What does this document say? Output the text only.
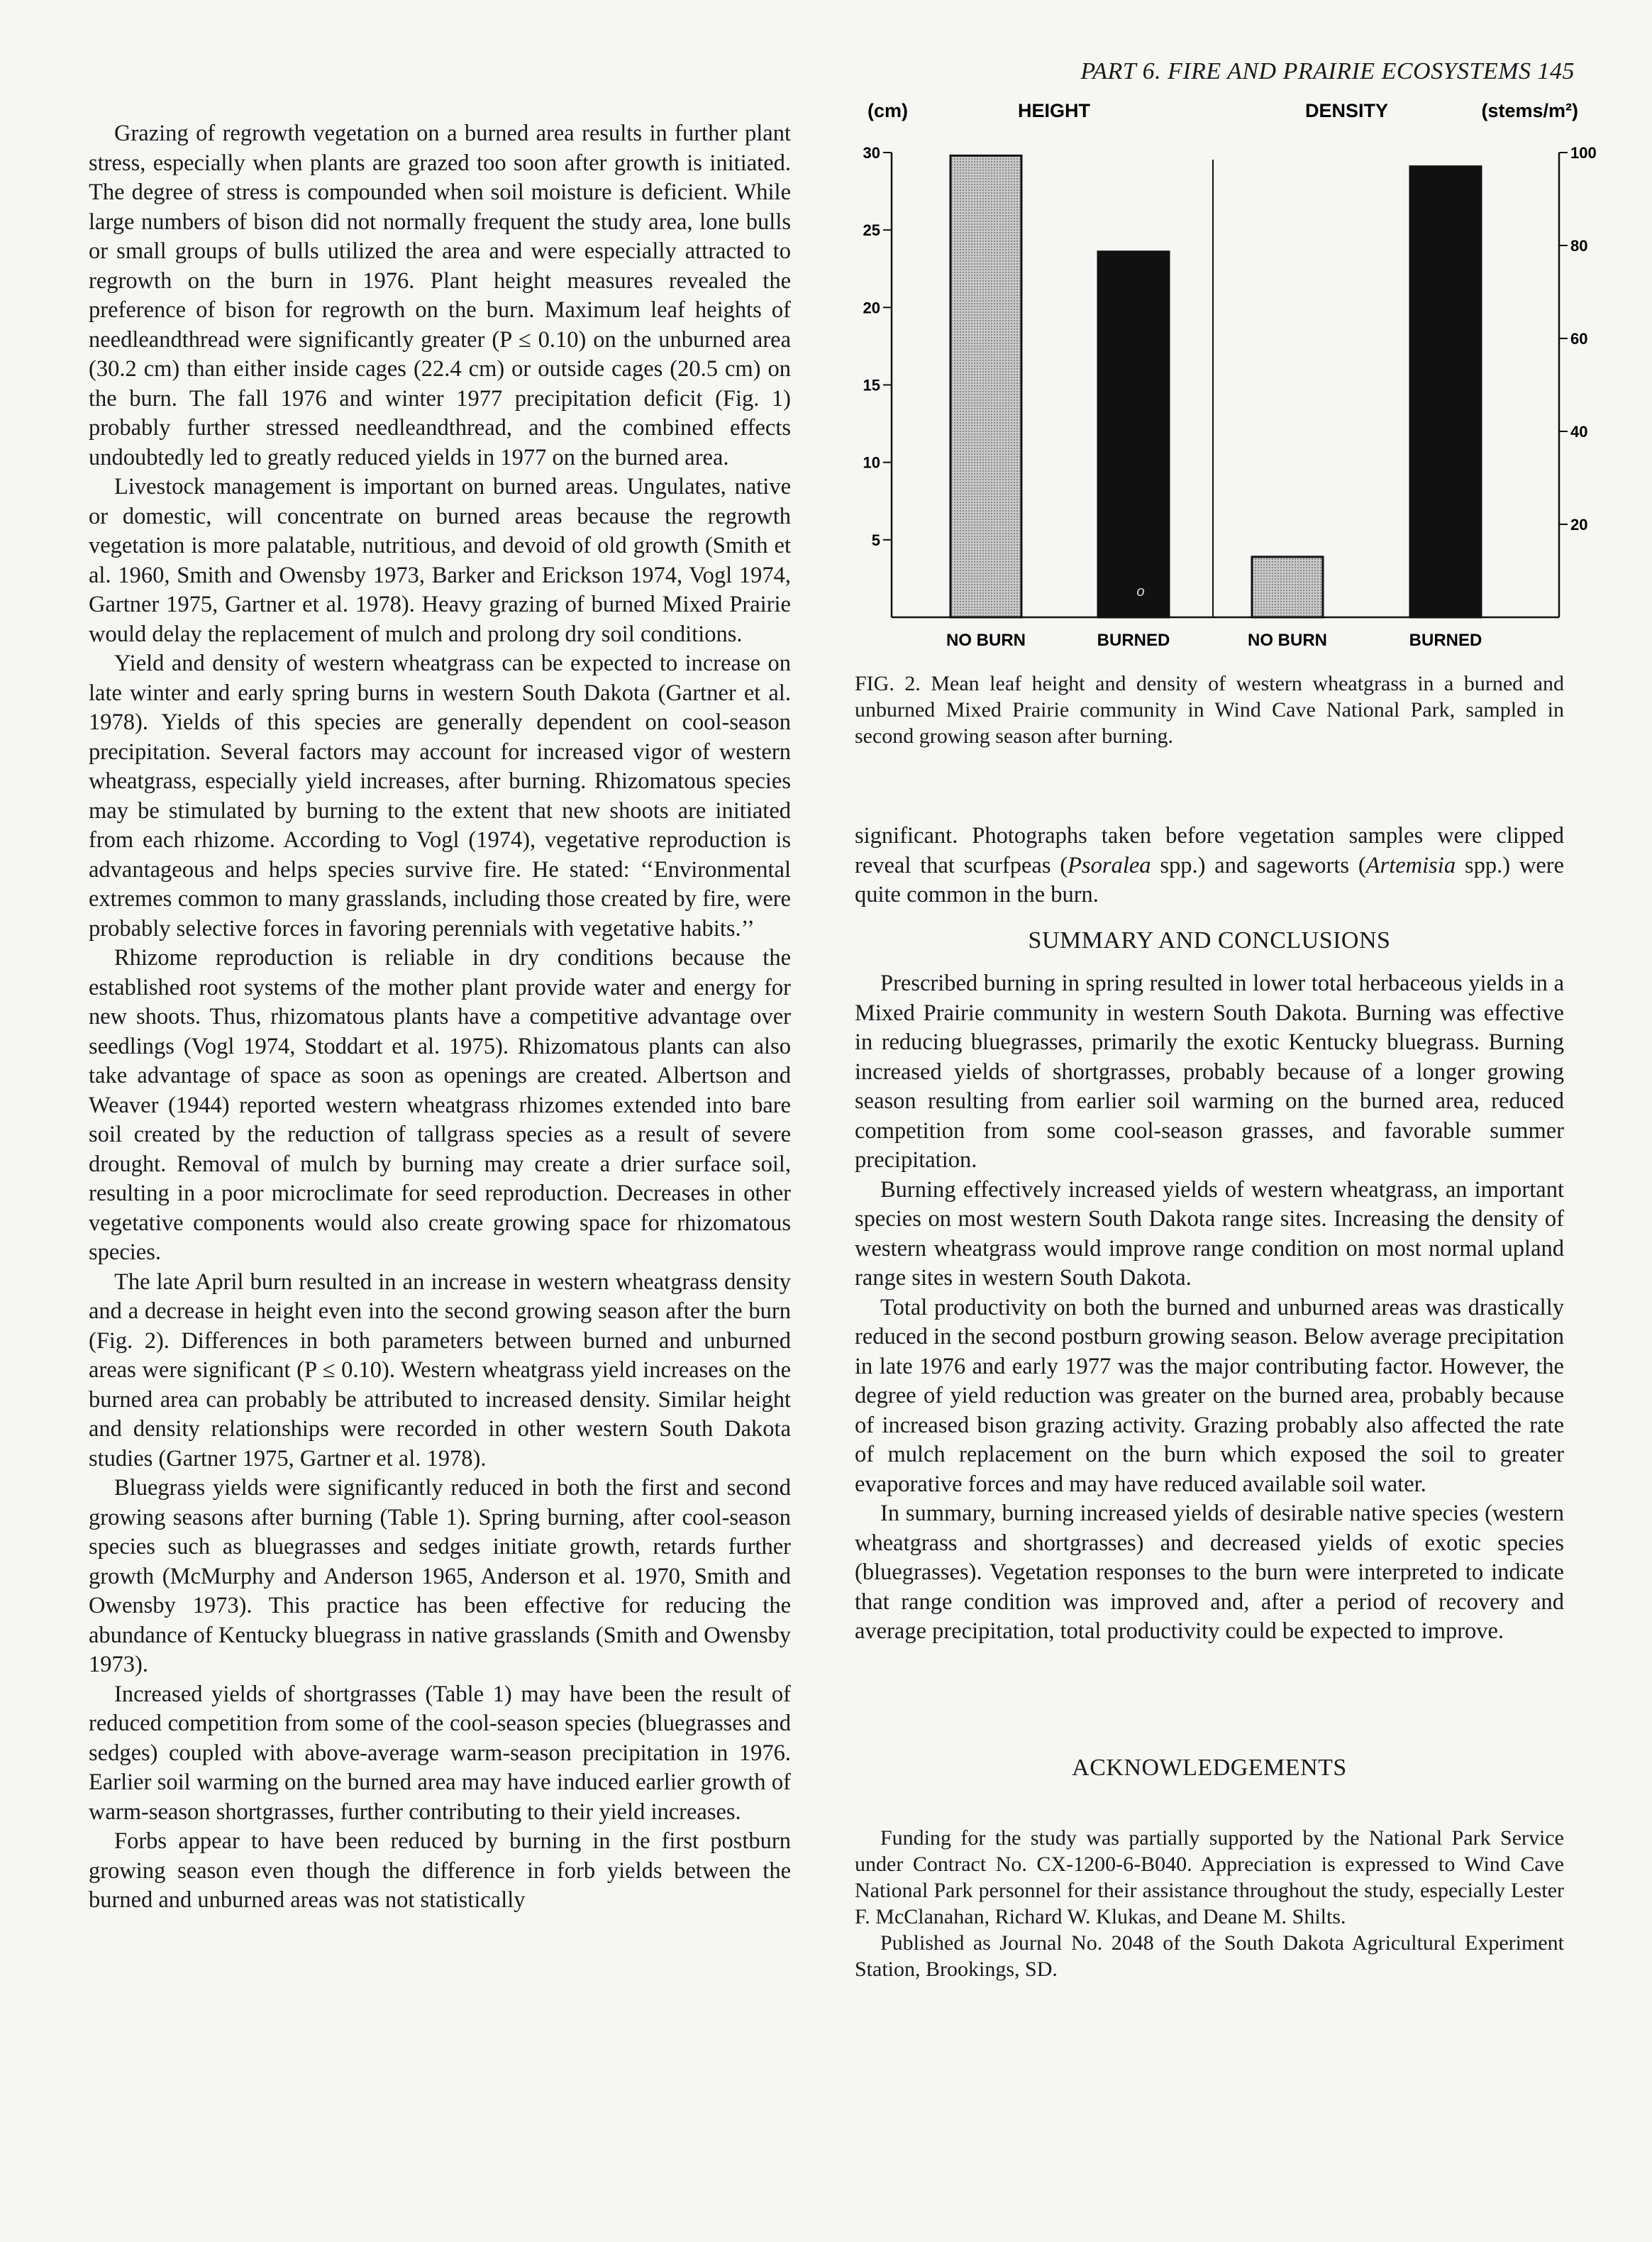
PART 6. FIRE AND PRAIRIE ECOSYSTEMS 145

Grazing of regrowth vegetation on a burned area results in further plant stress, especially when plants are grazed too soon after growth is initiated. The degree of stress is compounded when soil moisture is deficient. While large numbers of bison did not normally frequent the study area, lone bulls or small groups of bulls utilized the area and were especially attracted to regrowth on the burn in 1976. Plant height measures revealed the preference of bison for regrowth on the burn. Maximum leaf heights of needleandthread were significantly greater (P ≤ 0.10) on the unburned area (30.2 cm) than either inside cages (22.4 cm) or outside cages (20.5 cm) on the burn. The fall 1976 and winter 1977 precipitation deficit (Fig. 1) probably further stressed needleandthread, and the combined effects undoubtedly led to greatly reduced yields in 1977 on the burned area.

Livestock management is important on burned areas. Ungulates, native or domestic, will concentrate on burned areas because the regrowth vegetation is more palatable, nutritious, and devoid of old growth (Smith et al. 1960, Smith and Owensby 1973, Barker and Erickson 1974, Vogl 1974, Gartner 1975, Gartner et al. 1978). Heavy grazing of burned Mixed Prairie would delay the replacement of mulch and prolong dry soil conditions.

Yield and density of western wheatgrass can be expected to increase on late winter and early spring burns in western South Dakota (Gartner et al. 1978). Yields of this species are generally dependent on cool-season precipitation. Several factors may account for increased vigor of western wheatgrass, especially yield increases, after burning. Rhizomatous species may be stimulated by burning to the extent that new shoots are initiated from each rhizome. According to Vogl (1974), vegetative reproduction is advantageous and helps species survive fire. He stated: ‘‘Environmental extremes common to many grasslands, including those created by fire, were probably selective forces in favoring perennials with vegetative habits.’’

Rhizome reproduction is reliable in dry conditions because the established root systems of the mother plant provide water and energy for new shoots. Thus, rhizomatous plants have a competitive advantage over seedlings (Vogl 1974, Stoddart et al. 1975). Rhizomatous plants can also take advantage of space as soon as openings are created. Albertson and Weaver (1944) reported western wheatgrass rhizomes extended into bare soil created by the reduction of tallgrass species as a result of severe drought. Removal of mulch by burning may create a drier surface soil, resulting in a poor microclimate for seed reproduction. Decreases in other vegetative components would also create growing space for rhizomatous species.

The late April burn resulted in an increase in western wheatgrass density and a decrease in height even into the second growing season after the burn (Fig. 2). Differences in both parameters between burned and unburned areas were significant (P ≤ 0.10). Western wheatgrass yield increases on the burned area can probably be attributed to increased density. Similar height and density relationships were recorded in other western South Dakota studies (Gartner 1975, Gartner et al. 1978).

Bluegrass yields were significantly reduced in both the first and second growing seasons after burning (Table 1). Spring burning, after cool-season species such as bluegrasses and sedges initiate growth, retards further growth (McMurphy and Anderson 1965, Anderson et al. 1970, Smith and Owensby 1973). This practice has been effective for reducing the abundance of Kentucky bluegrass in native grasslands (Smith and Owensby 1973).

Increased yields of shortgrasses (Table 1) may have been the result of reduced competition from some of the cool-season species (bluegrasses and sedges) coupled with above-average warm-season precipitation in 1976. Earlier soil warming on the burned area may have induced earlier growth of warm-season shortgrasses, further contributing to their yield increases.

Forbs appear to have been reduced by burning in the first postburn growing season even though the difference in forb yields between the burned and unburned areas was not statistically

(cm)	HEIGHT	DENSITY	(stems/m²)
5
10
15
20
25
30
20
40
60
80
100
NO BURN	BURNED	NO BURN	BURNED
o
FIG. 2. Mean leaf height and density of western wheatgrass in a burned and unburned Mixed Prairie community in Wind Cave National Park, sampled in second growing season after burning.

significant. Photographs taken before vegetation samples were clipped reveal that scurfpeas (Psoralea spp.) and sageworts (Artemisia spp.) were quite common in the burn.

SUMMARY AND CONCLUSIONS

Prescribed burning in spring resulted in lower total herbaceous yields in a Mixed Prairie community in western South Dakota. Burning was effective in reducing bluegrasses, primarily the exotic Kentucky bluegrass. Burning increased yields of shortgrasses, probably because of a longer growing season resulting from earlier soil warming on the burned area, reduced competition from some cool-season grasses, and favorable summer precipitation.

Burning effectively increased yields of western wheatgrass, an important species on most western South Dakota range sites. Increasing the density of western wheatgrass would improve range condition on most normal upland range sites in western South Dakota.

Total productivity on both the burned and unburned areas was drastically reduced in the second postburn growing season. Below average precipitation in late 1976 and early 1977 was the major contributing factor. However, the degree of yield reduction was greater on the burned area, probably because of increased bison grazing activity. Grazing probably also affected the rate of mulch replacement on the burn which exposed the soil to greater evaporative forces and may have reduced available soil water.

In summary, burning increased yields of desirable native species (western wheatgrass and shortgrasses) and decreased yields of exotic species (bluegrasses). Vegetation responses to the burn were interpreted to indicate that range condition was improved and, after a period of recovery and average precipitation, total productivity could be expected to improve.

ACKNOWLEDGEMENTS

Funding for the study was partially supported by the National Park Service under Contract No. CX-1200-6-B040. Appreciation is expressed to Wind Cave National Park personnel for their assistance throughout the study, especially Lester F. McClanahan, Richard W. Klukas, and Deane M. Shilts.

Published as Journal No. 2048 of the South Dakota Agricultural Experiment Station, Brookings, SD.
